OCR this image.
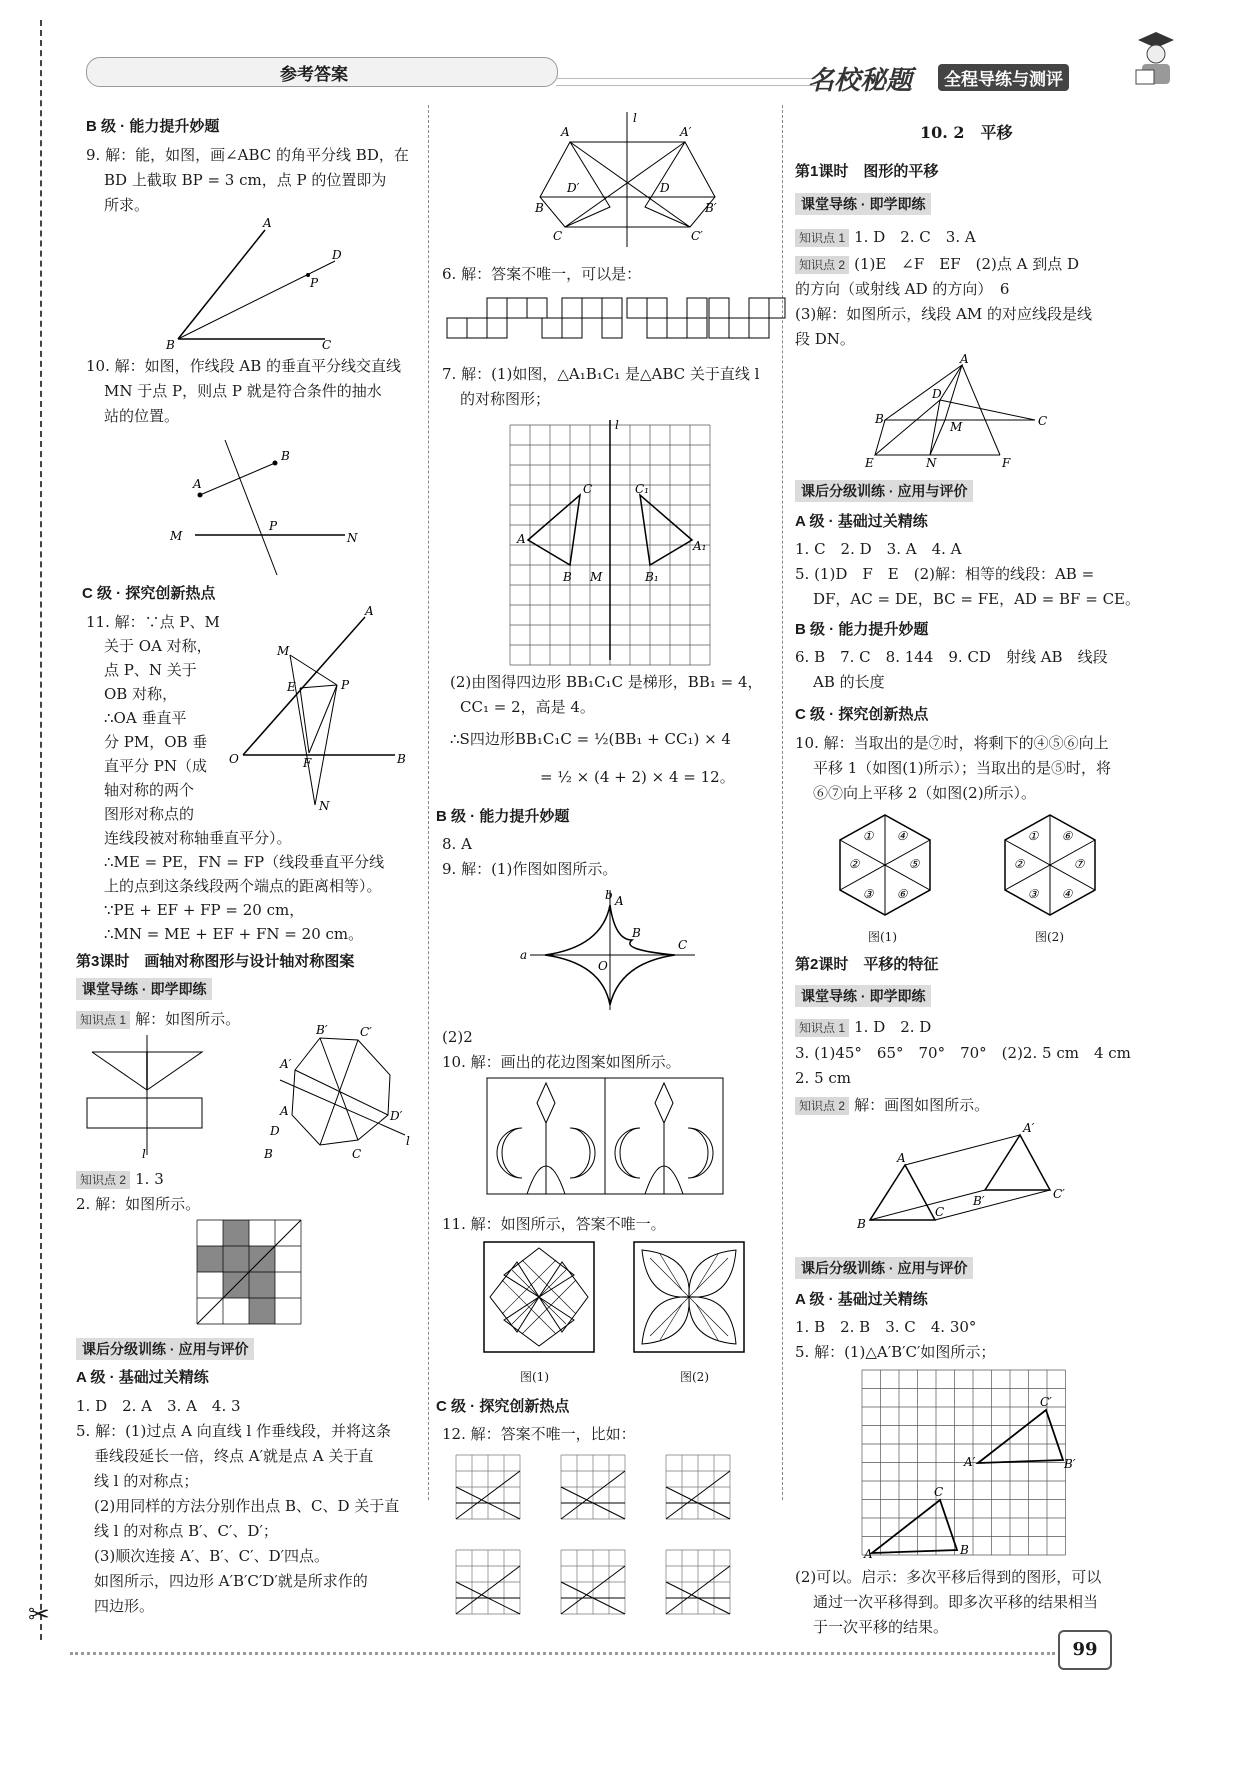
参考答案	名校秘题	全程导练与测评
✂
B 级 · 能力提升妙题
9. 解：能，如图，画∠ABC 的角平分线 BD，在
BD 上截取 BP = 3 cm，点 P 的位置即为
所求。
A
D
P
B	C
10. 解：如图，作线段 AB 的垂直平分线交直线
MN 于点 P，则点 P 就是符合条件的抽水
站的位置。
A
B
M	N
P
C 级 · 探究创新热点
11. 解：∵点 P、M
关于 OA 对称，
点 P、N 关于
OB 对称，
∴OA 垂直平
分 PM，OB 垂
直平分 PN（成
轴对称的两个
图形对称点的
连线段被对称轴垂直平分）。
∴ME = PE，FN = FP（线段垂直平分线
上的点到这条线段两个端点的距离相等）。
∵PE + EF + FP = 20 cm，
∴MN = ME + EF + FN = 20 cm。
A
M
E	P
O	B
F
N
第3课时　画轴对称图形与设计轴对称图案
课堂导练 · 即学即练
知识点 1 解：如图所示。
l
A′
B′	C′
D′
A
D
B	C
l
知识点 2 1. 3
2. 解：如图所示。
课后分级训练 · 应用与评价
A 级 · 基础过关精练
1. D　2. A　3. A　4. 3
5. 解：(1)过点 A 向直线 l 作垂线段，并将这条
垂线段延长一倍，终点 A′就是点 A 关于直
线 l 的对称点；
(2)用同样的方法分别作出点 B、C、D 关于直
线 l 的对称点 B′、C′、D′；
(3)顺次连接 A′、B′、C′、D′四点。
如图所示，四边形 A′B′C′D′就是所求作的
四边形。
A	A′
l
D′	D
B	B′
C	C′
6. 解：答案不唯一，可以是：
7. 解：(1)如图，△A₁B₁C₁ 是△ABC 关于直线 l
的对称图形；
A
C
B M
C₁
A₁
B₁
l
(2)由图得四边形 BB₁C₁C 是梯形，BB₁ = 4，
CC₁ = 2，高是 4。
∴S四边形BB₁C₁C = ½(BB₁ + CC₁) × 4
= ½ × (4 + 2) × 4 = 12。
B 级 · 能力提升妙题
8. A
9. 解：(1)作图如图所示。
b
a
A
B
C
O
(2)2
10. 解：画出的花边图案如图所示。
11. 解：如图所示，答案不唯一。
图(1)	图(2)
C 级 · 探究创新热点
12. 解：答案不唯一，比如：
10. 2　平移
第1课时　图形的平移
课堂导练 · 即学即练
知识点 1 1. D　2. C　3. A
知识点 2 (1)E　∠F　EF　(2)点 A 到点 D
的方向（或射线 AD 的方向）　6
(3)解：如图所示，线段 AM 的对应线段是线
段 DN。
A
D
B
M	C
E	N	F
课后分级训练 · 应用与评价
A 级 · 基础过关精练
1. C　2. D　3. A　4. A
5. (1)D　F　E　(2)解：相等的线段：AB =
DF，AC = DE，BC = FE，AD = BF = CE。
B 级 · 能力提升妙题
6. B　7. C　8. 144　9. CD　射线 AB　线段
AB 的长度
C 级 · 探究创新热点
10. 解：当取出的是⑦时，将剩下的④⑤⑥向上
平移 1（如图(1)所示）；当取出的是⑤时，将
⑥⑦向上平移 2（如图(2)所示）。
① ④
②	⑤
③ ⑥
① ⑥
②	⑦
③ ④
图(1)	图(2)
第2课时　平移的特征
课堂导练 · 即学即练
知识点 1 1. D　2. D
3. (1)45°　65°　70°　70°　(2)2. 5 cm　4 cm
2. 5 cm
知识点 2 解：画图如图所示。
A
B
C
A′
B′	C′
课后分级训练 · 应用与评价
A 级 · 基础过关精练
1. B　2. B　3. C　4. 30°
5. 解：(1)△A′B′C′如图所示；
A
C
B
A′
C′
B′
(2)可以。启示：多次平移后得到的图形，可以
通过一次平移得到。即多次平移的结果相当
于一次平移的结果。
99
